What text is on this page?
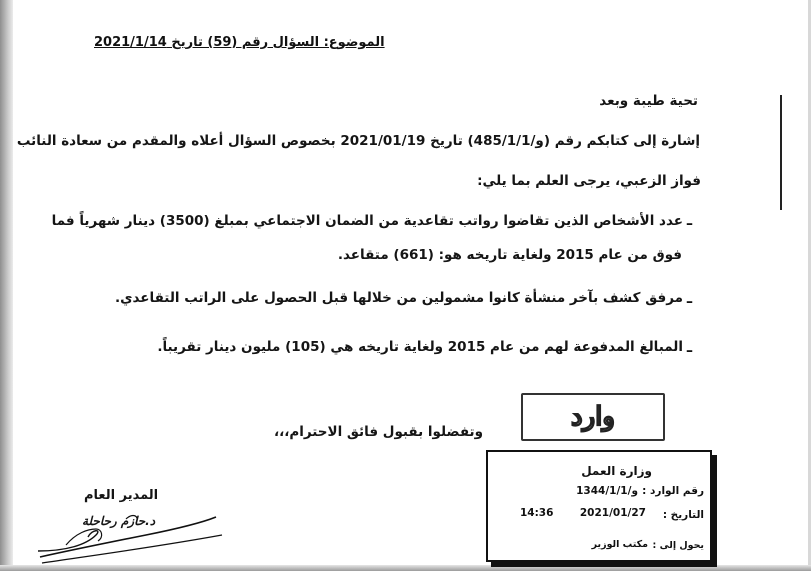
الموضوع: السؤال رقم (59) تاريخ 2021/1/14
تحية طيبة وبعد
إشارة إلى كتابكم رقم (و/485/1/1) تاريخ 2021/01/19 بخصوص السؤال أعلاه والمقدم من سعادة النائب
فواز الزعبي، يرجى العلم بما يلي:
–
عدد الأشخاص الذين تقاضوا رواتب تقاعدية من الضمان الاجتماعي بمبلغ (3500) دينار شهرياً فما
فوق من عام 2015 ولغاية تاريخه هو: (661) متقاعد.
–
مرفق كشف بآخر منشأة كانوا مشمولين من خلالها قبل الحصول على الراتب التقاعدي.
–
المبالغ المدفوعة لهم من عام 2015 ولغاية تاريخه هي (105) مليون دينار تقريباً.
وارد
وتفضلوا بقبول فائق الاحترام،،،
وزارة العمل
رقم الوارد :
و/1344/1/1
التاريخ :
2021/01/27
14:36
يحول إلى :
مكتب الوزير
المدير العام
د.حازم رحاحلة
